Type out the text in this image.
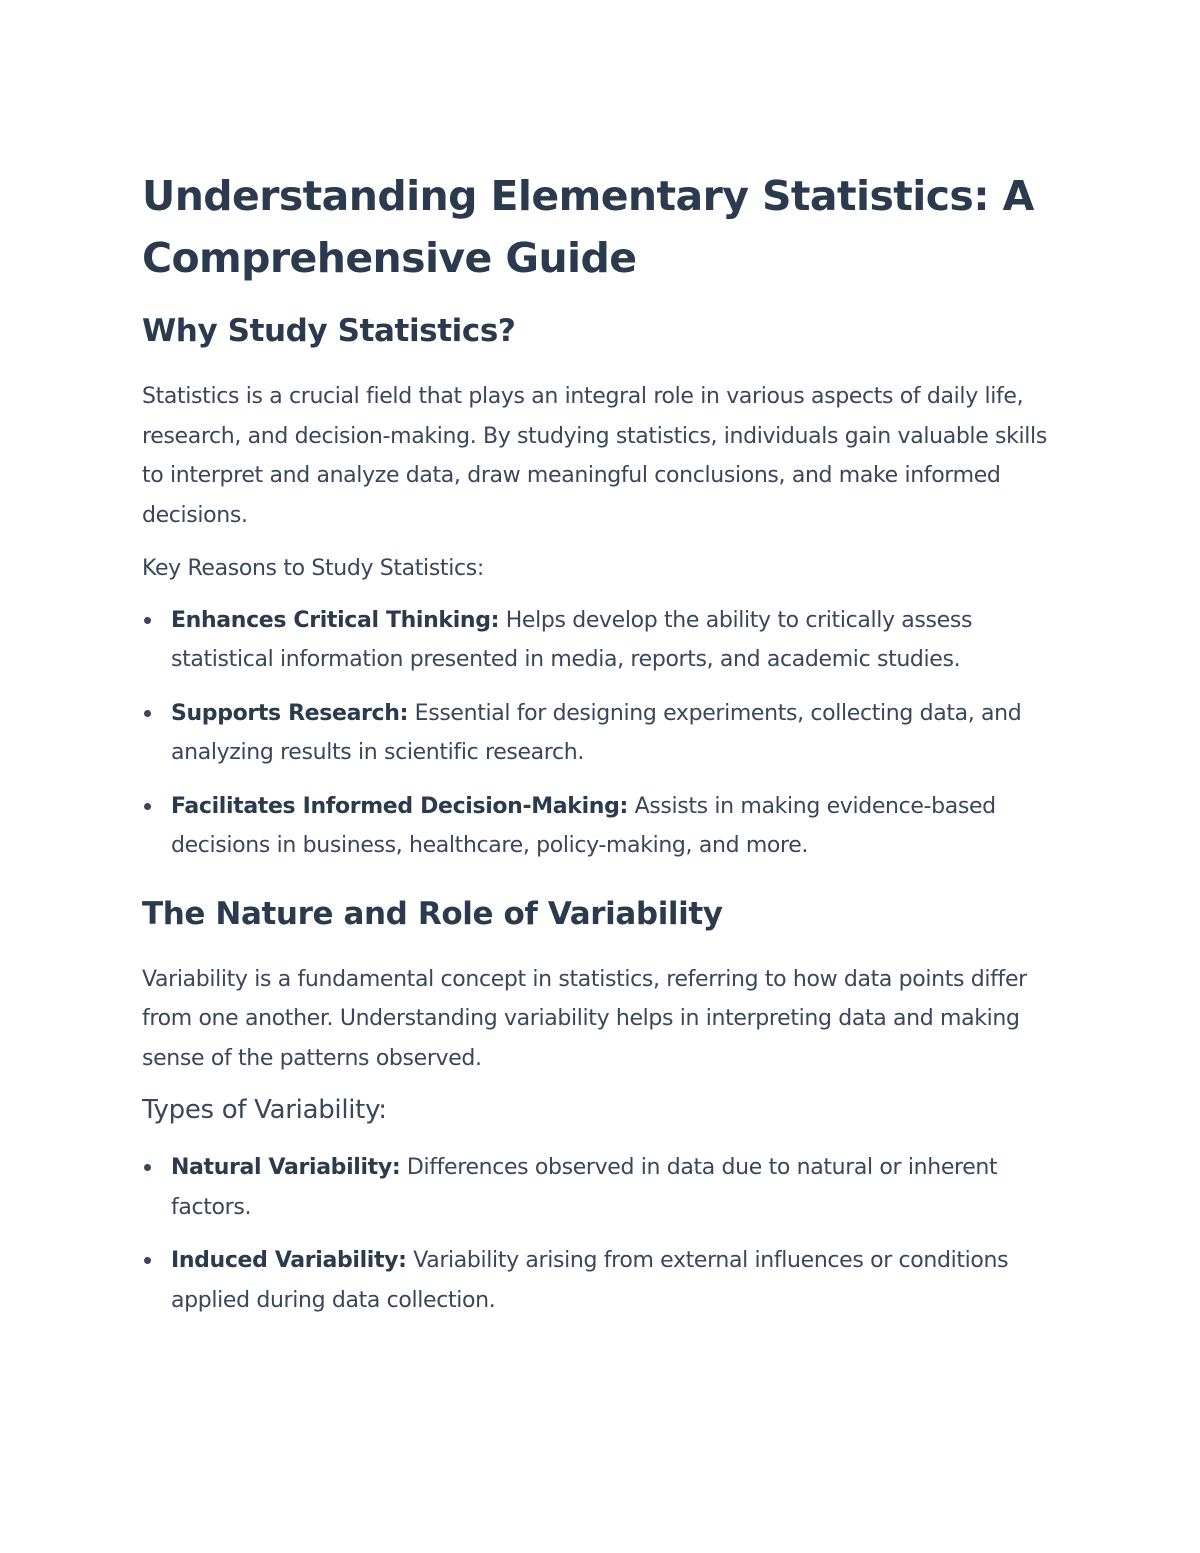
Understanding Elementary Statistics: A Comprehensive Guide
Why Study Statistics?

Statistics is a crucial field that plays an integral role in various aspects of daily life, research, and decision-making. By studying statistics, individuals gain valuable skills to interpret and analyze data, draw meaningful conclusions, and make informed decisions.

Key Reasons to Study Statistics:

Enhances Critical Thinking: Helps develop the ability to critically assess statistical information presented in media, reports, and academic studies.
Supports Research: Essential for designing experiments, collecting data, and analyzing results in scientific research.
Facilitates Informed Decision-Making: Assists in making evidence-based decisions in business, healthcare, policy-making, and more.
The Nature and Role of Variability

Variability is a fundamental concept in statistics, referring to how data points differ from one another. Understanding variability helps in interpreting data and making sense of the patterns observed.

Types of Variability:
Natural Variability: Differences observed in data due to natural or inherent factors.
Induced Variability: Variability arising from external influences or conditions applied during data collection.
